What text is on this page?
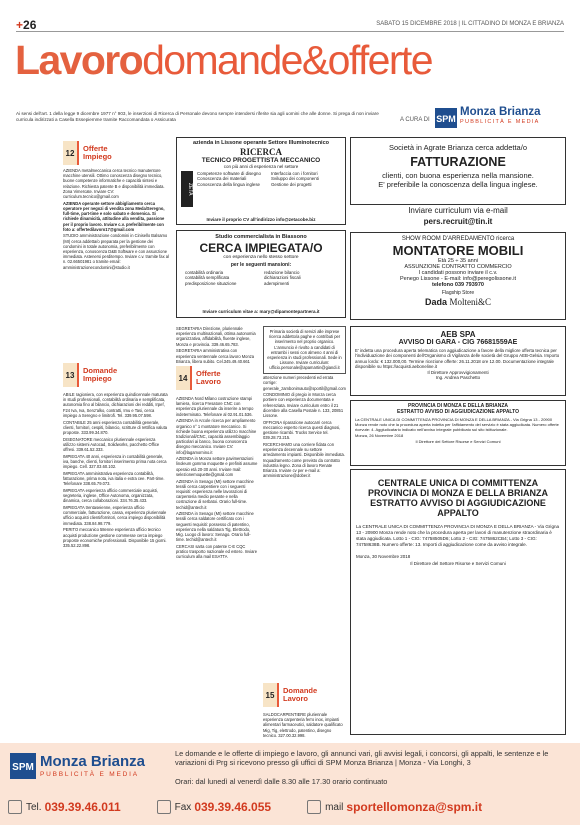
+26	SABATO 15 DICEMBRE 2018 | IL CITTADINO DI MONZA E BRIANZA
Lavorodomande&offerte
Ai sensi dell'art. 1 della legge 9 dicembre 1977 n° 903, le inserzioni di Ricerca di Personale devono sempre intendersi riferite sia agli uomini che alle donne. Si prega di non inviare curricula indirizzati a Casella Essepiemme tramite Raccomandata o Assicurata	A CURA DI SPM
Monza Brianza
PUBBLICITÀ E MEDIA
12	Offerte Impiego

AZIENDA metalmeccanica cerca tecnico manutentore macchine utensili. Ottimo conoscenza disegno tecnico, buone competenze informatiche e capacità sintesi e relazione. Richiesta patente B e disponibilità immediata. Zona Vimercate. Inviare CV: curriculum.tecnico@gmail.com

AZIENDA operante settore abbigliamento cerca operatore per negozi di vendita zona Medа/Seregno, full-time, part-time e solo sabato e domenica. Si richiede dinamicità, attitudine alla vendita, passione per il proprio lavoro. Inviare c.v. preferibilmente con foto a: offertedilavoro17@gmail.com

STUDIO amministrazione condomini in Cinisello Balsamo (MI) cerca addetta/o preparata per la gestione dei condomini in totale autonomia, preferibilmente con esperienza, conoscenza D&B Software e con assunzione immediata. Astenersi perditempo. Inviare c.v. tramite fax al n. 02.66501981 o tramite email: amministrazionecondomini@studio.it

13	Domande Impiego

ABILE ragioniera, con esperienza quindicennale maturata in studi professionali, contabilità ordinaria e semplificata, autonomia fino al bilancio, dichiarazioni dei redditi, Irpef, F24 Iva, Iva, Senz'alko, contratti, Imu e Tasi, cerca impiego a Seregno e limitrofi. Tel. 339.95.07.598.

CONTABILE 25 anni esperienza contabilità generale, clienti, fornitori, cespiti, bilancio, scritture di rettifica valuta proposte. 333.99.34.870.

DISEGNATORE meccanico pluriennale esperienza utilizzo sistemi Autocad, Solidworks, pacchetto Office offresi. 339.61.52.333.

IMPIEGATA 40 anni, esperienza in contabilità generale, iva, banche, clienti, fornitori inserimento prima nota cerca impiego. Cell. 327.03.60.102.

IMPIEGATA amministrativa esperienza contabilità, fatturazione, prima nota, iva italia e extra cee. Part-time. Telefonare 338.65.79.073.

IMPIEGATA esperienza ufficio commerciale acquisti, segreteria, inglese, Office Autonoma, organizzata, dinamica, cerca collaborazioni. 334.76.35.433.

IMPIEGATA trentaseienne, esperienza ufficio commerciale, fatturazione, cassa, esperienza pluriennale ufficio acquisti clienti/fornitori, cerca impiego disponibilità immediata. 338.84.98.779.

PERITO meccanico 58enne esperienza ufficio tecnico acquisti produzione gestione commesse cerca impiego proposte economiche professionali. Disponibile 15 giorni. 335.52.22.898.

azienda in Lissone operante Settore Illuminotecnico
RICERCA
TECNICO PROGETTISTA MECCANICO
con più anni di esperienza nel settore
ZETA
Competenze software di disegno
Conoscenza dei materiali
Conoscenza della lingua inglese
Interfaccia con i fornitori
Sviluppo dei componenti
Gestione dei progetti
Inviare il proprio CV all'indirizzo info@zetacobe.biz
Studio commercialista in Biassono
CERCA IMPIEGATA/O
con esperienza nello stesso settore
per le seguenti mansioni:
contabilità ordinaria
contabilità semplificata
predisposizione situazione
redazione bilancio
dichiarazioni fiscali
adempimenti
Inviare curriculum vitae a: mary@dipamontepartnera.it

SEGRETARIA Direzione, pluriennale esperienza multinazionali, ottima autonomia organizzativa, affidabilità, fluente inglese, Monza e provincia. 339.46.65.783.

SEGRETARIA amministrativa con esperienza ventennale cerca lavoro Monza Brianza, libera subito. Cel.345.49.40.661

14	Offerte Lavoro

AZIENDA Nord Milano costruzione stampi lamiera, ricerca Fresatore CNC con esperienza pluriennale da inserire a tempo indeterminato. Telefonare al 02.91.01.536.

AZIENDA in Arcole ricerca per ampliamento organico n° 1 montatore meccanico. Si richiede buona esperienza utilizzo macchine tradizionali/CNC, capacità assemblaggio particolari ai banco, buona conoscenza disegno meccanico. Inviare CV: info@lagamornino.it

AZIENDA in Monza settore pavimentazioni linoleum gomma moquette e prefiniti assume operaio età 20-30 anni. Inviare mail: selezionemoquette@gmail.com

AZIENDA in Senago (MI) settore macchine tessili cerca carpentiere con i seguenti requisiti: esperienza nelle lavorazioni di carpenteria medio pesante e nella costruzione di serbatoi. Orario full-time. techid@antech.it

AZIENDA in Senago (MI) settore macchine tessili cerca saldatore certificato con i seguenti requisiti: possesso di patentino, esperienza nella saldatura Tig, Elettrodo, Mig. Luogo di lavoro: Senago. Orario full-time. techid@antech.it

CERCASI sarta con patente C-E CQC pratico trasporto nazionale ed estero. Inviare curriculum alla mail ESATTA

Primaria società di servizi alle imprese ricerca addetto/a paghe e contributi per inserimento nel proprio organico. L'annuncio è rivolto a candidati di entrambi i sessi con almeno 4 anni di esperienza in studi professionali. Sede in Lissone. Inviare curriculum: ufficio.personale@apamartin@giandi.it

attenzione numeri precedenti ed errata corrige: generale_zambonimauto@sportil@gmail.com

CONDOMINIO di pregio in Monza cerca portiere con esperienza documentata e referenziata. Inviare curriculum entro il 21 dicembre alla Casella Postale n. 133, 20851 Lissone.

OFFICINA riparazione autocarri cerca meccanico esperto ricerca questi diagnosi, gestione ricambi. Trucks Service tel. 039.28.73.215.

RICERCHIAMO una corriere fidata con esperienza decennale su settore arredamento impianti. Disponibile immediata. Inquadramento come previsto da contratto industria legno. Zona di lavoro Renate Brianza. Inviare cv per e-mail a: amministrazione@dober.it

15	Domande Lavoro

SALDOCARPENTIERE pluriennale esperienza carpenteria ferro inox, impianti alimentari farmaceutici, saldatore qualificato Mig, Tig, elettrodo, patentino, disegno tecnico. 327.00.32.998.

Società in Agrate Brianza cerca addetta/o
FATTURAZIONE
clienti, con buona esperienza nella mansione.
E' preferibile la conoscenza della lingua inglese.
Inviare curriculum via e-mail
pers.recruit@tin.it
SHOW ROOM D'ARREDAMENTO ricerca
MONTATORE MOBILI
Età 25 ÷ 35 anni
ASSUNZIONE CONTRATTO COMMERCIO
I candidati possono inviare il c.v.
Penego Lissone - E-mail: info@peregolissone.it
telefono 039 793970
Flagship Store
Dada Molteni&C
AEB SPA
AVVISO DI GARA - CIG 76681559AE
E' indetta una procedura aperta telematica con aggiudicazione a favore della migliore offerta tecnica per l'individuazione dei componenti dell'Organismo di Vigilanza delle società del Gruppo AEB-Gelsia. Importo annuo lordo: € 132.000,00. Termine ricezione offerte: 26.11.2018 ore 12.00. Documentazione integrale disponibile su https://acquisti.aeboneline.it
Il Direttore Approvvigionamenti
Ing. Andrea Paschetto
PROVINCIA DI MONZA E DELLA BRIANZA
ESTRATTO AVVISO DI AGGIUDICAZIONE APPALTO
La CENTRALE UNICA DI COMMITTENZA PROVINCIA DI MONZA E DELLA BRIANZA - Via Grigna 13 - 20900 Monza rende noto che la procedura aperta indetta per l'affidamento del servizio è stata aggiudicata. Numero offerte ricevute: 4. Aggiudicatario indicato nell'avviso integrale pubblicato sul sito istituzionale.
Monza, 26 Novembre 2018
Il Direttore del Settore Risorse e Servizi Comuni
CENTRALE UNICA DI COMMITTENZA
PROVINCIA DI MONZA E DELLA BRIANZA
ESTRATTO AVVISO DI AGGIUDICAZIONE APPALTO
La CENTRALE UNICA DI COMMITTENZA PROVINCIA DI MONZA E DELLA BRIANZA - Via Grigna 13 - 20900 Monza rende noto che la procedura aperta per lavori di manutenzione straordinaria è stata aggiudicata. Lotto 1 - CIG: 74758505D6; Lotto 2 - CIG: 7475862CB4; Lotto 3 - CIG: 74758638B. Numero offerte: 13. Importi di aggiudicazione come da avviso integrale.
Monza, 30 Novembre 2018
Il Direttore del Settore Risorse e Servizi Comuni
SPM Monza Brianza
PUBBLICITÀ E MEDIA
Le domande e le offerte di impiego e lavoro, gli annunci vari, gli avvisi legali, i concorsi, gli appalti, le sentenze e le variazioni di Prg si ricevono presso gli uffici di SPM Monza Brianza | Monza - Via Longhi, 3
Orari: dal lunedì al venerdì dalle 8.30 alle 17.30 orario continuato
Tel. 039.39.46.011	Fax 039.39.46.055	mail sportellomonza@spm.it
